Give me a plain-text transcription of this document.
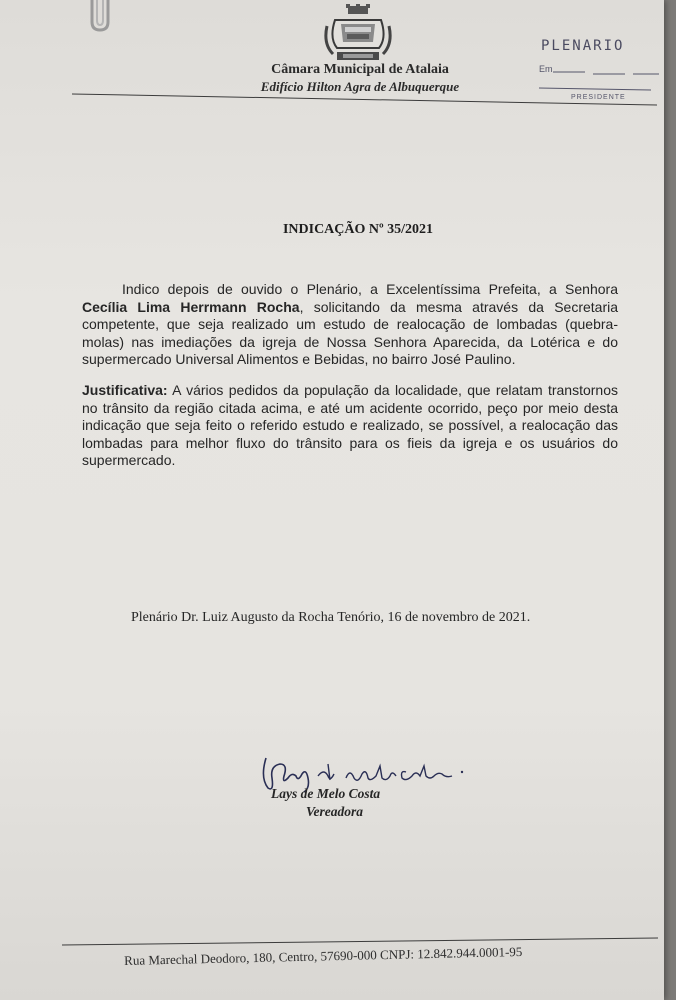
Câmara Municipal de Atalaia
Edifício Hilton Agra de Albuquerque
PLENARIO
Em
PRESIDENTE
INDICAÇÃO Nº 35/2021

Indico depois de ouvido o Plenário, a Excelentíssima Prefeita, a Senhora Cecília Lima Herrmann Rocha, solicitando da mesma através da Secretaria competente, que seja realizado um estudo de realocação de lombadas (quebra-molas) nas imediações da igreja de Nossa Senhora Aparecida, da Lotérica e do supermercado Universal Alimentos e Bebidas, no bairro José Paulino.

Justificativa: A vários pedidos da população da localidade, que relatam transtornos no trânsito da região citada acima, e até um acidente ocorrido, peço por meio desta indicação que seja feito o referido estudo e realizado, se possível, a realocação das lombadas para melhor fluxo do trânsito para os fieis da igreja e os usuários do supermercado.

Plenário Dr. Luiz Augusto da Rocha Tenório, 16 de novembro de 2021.
Lays de Melo Costa
Vereadora
Rua Marechal Deodoro, 180, Centro, 57690-000 CNPJ: 12.842.944.0001-95
